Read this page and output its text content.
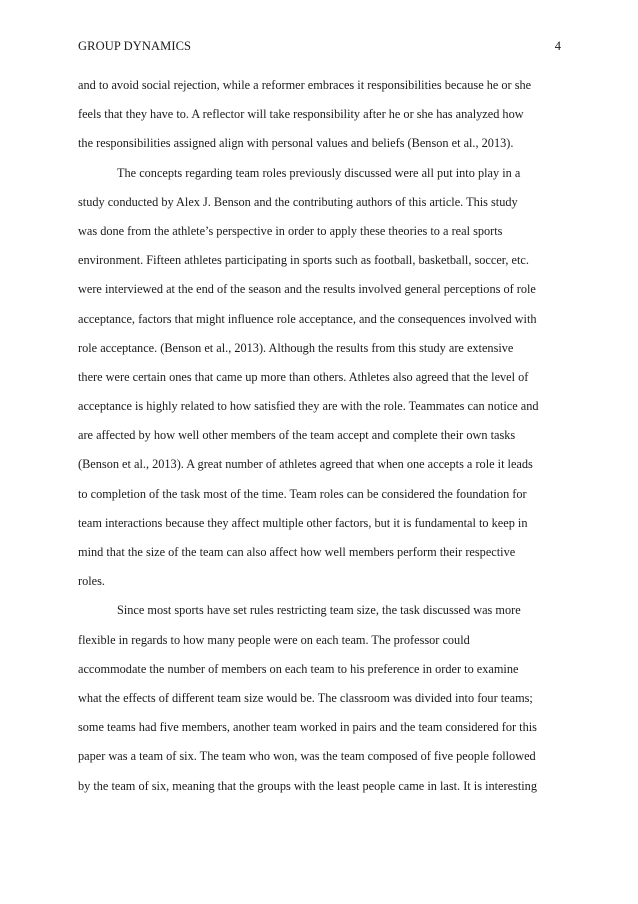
GROUP DYNAMICS	4
and to avoid social rejection, while a reformer embraces it responsibilities because he or she
feels that they have to. A reflector will take responsibility after he or she has analyzed how
the responsibilities assigned align with personal values and beliefs (Benson et al., 2013).
The concepts regarding team roles previously discussed were all put into play in a
study conducted by Alex J. Benson and the contributing authors of this article. This study
was done from the athlete’s perspective in order to apply these theories to a real sports
environment. Fifteen athletes participating in sports such as football, basketball, soccer, etc.
were interviewed at the end of the season and the results involved general perceptions of role
acceptance, factors that might influence role acceptance, and the consequences involved with
role acceptance. (Benson et al., 2013). Although the results from this study are extensive
there were certain ones that came up more than others. Athletes also agreed that the level of
acceptance is highly related to how satisfied they are with the role. Teammates can notice and
are affected by how well other members of the team accept and complete their own tasks
(Benson et al., 2013). A great number of athletes agreed that when one accepts a role it leads
to completion of the task most of the time. Team roles can be considered the foundation for
team interactions because they affect multiple other factors, but it is fundamental to keep in
mind that the size of the team can also affect how well members perform their respective
roles.
Since most sports have set rules restricting team size, the task discussed was more
flexible in regards to how many people were on each team. The professor could
accommodate the number of members on each team to his preference in order to examine
what the effects of different team size would be. The classroom was divided into four teams;
some teams had five members, another team worked in pairs and the team considered for this
paper was a team of six. The team who won, was the team composed of five people followed
by the team of six, meaning that the groups with the least people came in last. It is interesting
